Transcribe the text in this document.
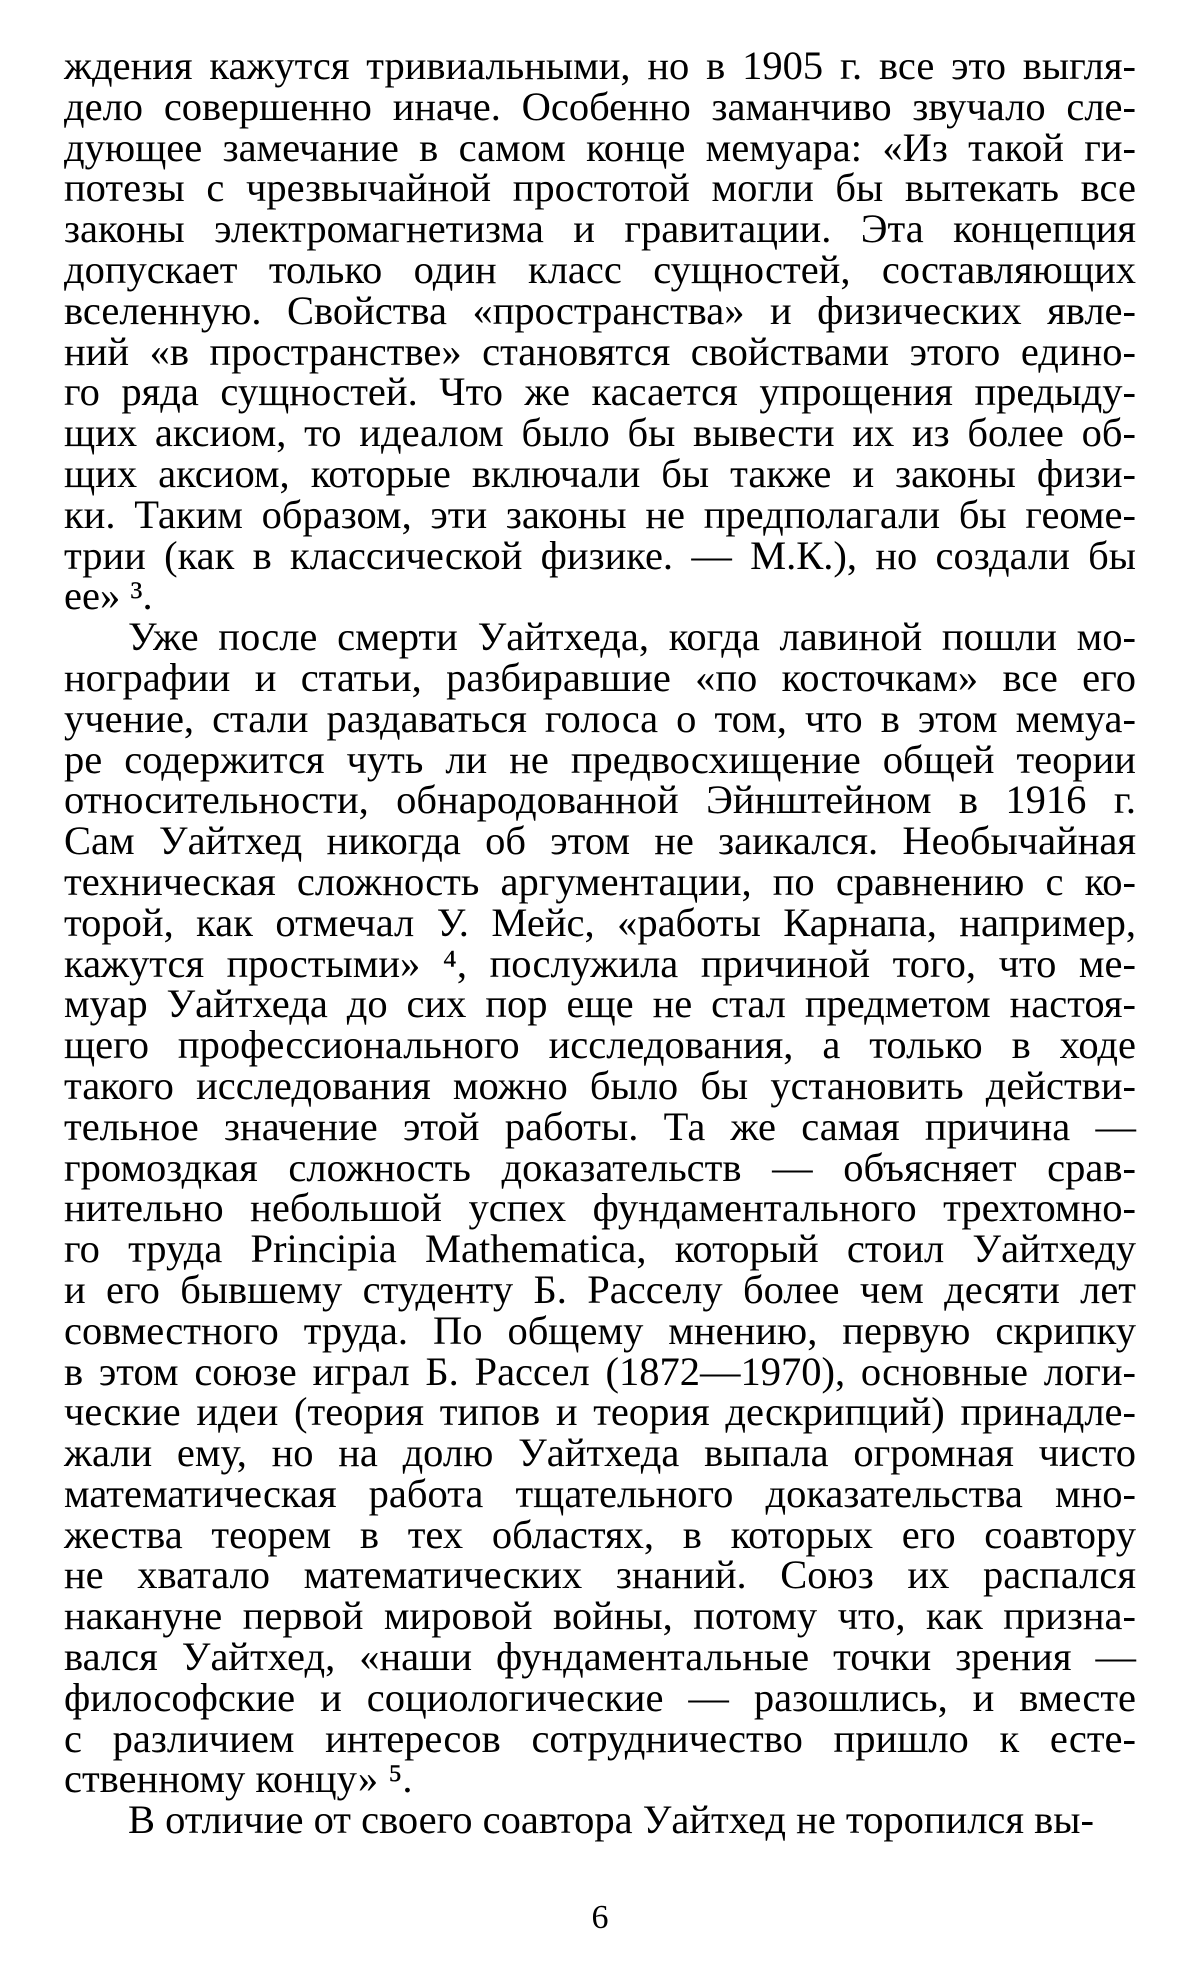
ждения кажутся тривиальными, но в 1905 г. все это выгля-
дело совершенно иначе. Особенно заманчиво звучало сле-
дующее замечание в самом конце мемуара: «Из такой ги-
потезы с чрезвычайной простотой могли бы вытекать все
законы электромагнетизма и гравитации. Эта концепция
допускает только один класс сущностей, составляющих
вселенную. Свойства «пространства» и физических явле-
ний «в пространстве» становятся свойствами этого едино-
го ряда сущностей. Что же касается упрощения предыду-
щих аксиом, то идеалом было бы вывести их из более об-
щих аксиом, которые включали бы также и законы физи-
ки. Таким образом, эти законы не предполагали бы геоме-
трии (как в классической физике. — М.К.), но создали бы
ее» ³.
Уже после смерти Уайтхеда, когда лавиной пошли мо-
нографии и статьи, разбиравшие «по косточкам» все его
учение, стали раздаваться голоса о том, что в этом мемуа-
ре содержится чуть ли не предвосхищение общей теории
относительности, обнародованной Эйнштейном в 1916 г.
Сам Уайтхед никогда об этом не заикался. Необычайная
техническая сложность аргументации, по сравнению с ко-
торой, как отмечал У. Мейс, «работы Карнапа, например,
кажутся простыми» ⁴, послужила причиной того, что ме-
муар Уайтхеда до сих пор еще не стал предметом настоя-
щего профессионального исследования, а только в ходе
такого исследования можно было бы установить действи-
тельное значение этой работы. Та же самая причина —
громоздкая сложность доказательств — объясняет срав-
нительно небольшой успех фундаментального трехтомно-
го труда Principia Mathematica, который стоил Уайтхеду
и его бывшему студенту Б. Расселу более чем десяти лет
совместного труда. По общему мнению, первую скрипку
в этом союзе играл Б. Рассел (1872—1970), основные логи-
ческие идеи (теория типов и теория дескрипций) принадле-
жали ему, но на долю Уайтхеда выпала огромная чисто
математическая работа тщательного доказательства мно-
жества теорем в тех областях, в которых его соавтору
не хватало математических знаний. Союз их распался
накануне первой мировой войны, потому что, как призна-
вался Уайтхед, «наши фундаментальные точки зрения —
философские и социологические — разошлись, и вместе
с различием интересов сотрудничество пришло к есте-
ственному концу» ⁵.
В отличие от своего соавтора Уайтхед не торопился вы-
6
